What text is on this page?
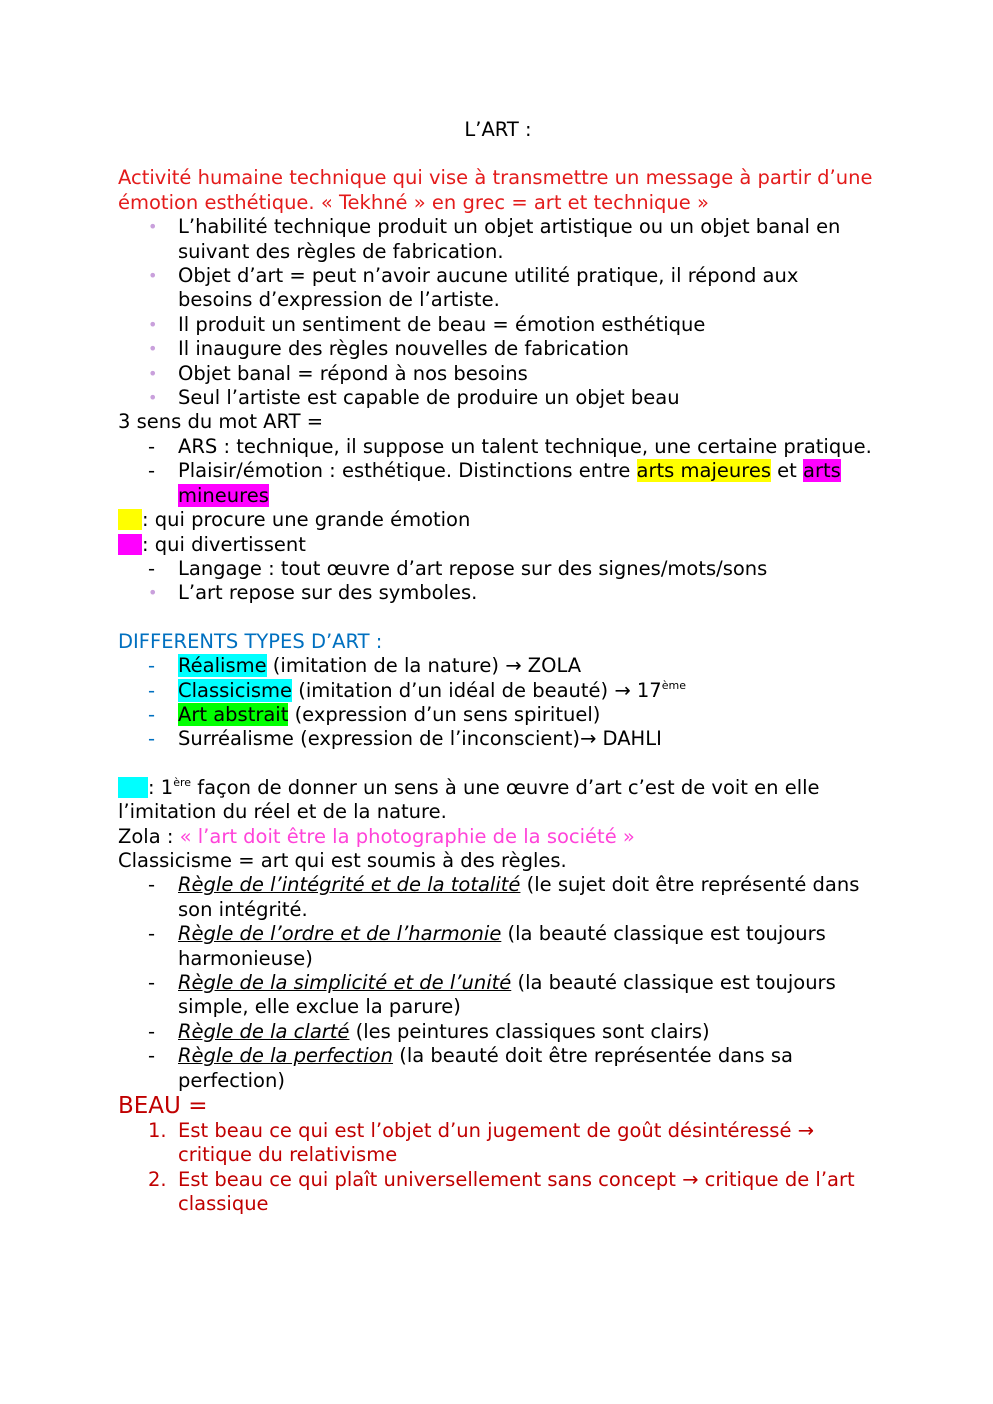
L’ART :
Activité humaine technique qui vise à transmettre un message à partir d’une émotion esthétique. « Tekhné » en grec = art et technique »
• L’habilité technique produit un objet artistique ou un objet banal en suivant des règles de fabrication.
• Objet d’art = peut n’avoir aucune utilité pratique, il répond aux besoins d’expression de l’artiste.
• Il produit un sentiment de beau = émotion esthétique
• Il inaugure des règles nouvelles de fabrication
• Objet banal = répond à nos besoins
• Seul l’artiste est capable de produire un objet beau
3 sens du mot ART =
- ARS : technique, il suppose un talent technique, une certaine pratique.
- Plaisir/émotion : esthétique. Distinctions entre arts majeures et arts mineures
: qui procure une grande émotion
: qui divertissent
- Langage : tout œuvre d’art repose sur des signes/mots/sons
• L’art repose sur des symboles.
DIFFERENTS TYPES D’ART :
- Réalisme (imitation de la nature) → ZOLA
- Classicisme (imitation d’un idéal de beauté) → 17ème
- Art abstrait (expression d’un sens spirituel)
- Surréalisme (expression de l’inconscient)→ DAHLI
: 1ère façon de donner un sens à une œuvre d’art c’est de voit en elle l’imitation du réel et de la nature.
Zola : « l’art doit être la photographie de la société »
Classicisme = art qui est soumis à des règles.
- Règle de l’intégrité et de la totalité (le sujet doit être représenté dans son intégrité.
- Règle de l’ordre et de l’harmonie (la beauté classique est toujours harmonieuse)
- Règle de la simplicité et de l’unité (la beauté classique est toujours simple, elle exclue la parure)
- Règle de la clarté (les peintures classiques sont clairs)
- Règle de la perfection (la beauté doit être représentée dans sa perfection)
BEAU =
1. Est beau ce qui est l’objet d’un jugement de goût désintéressé → critique du relativisme
2. Est beau ce qui plaît universellement sans concept → critique de l’art classique
